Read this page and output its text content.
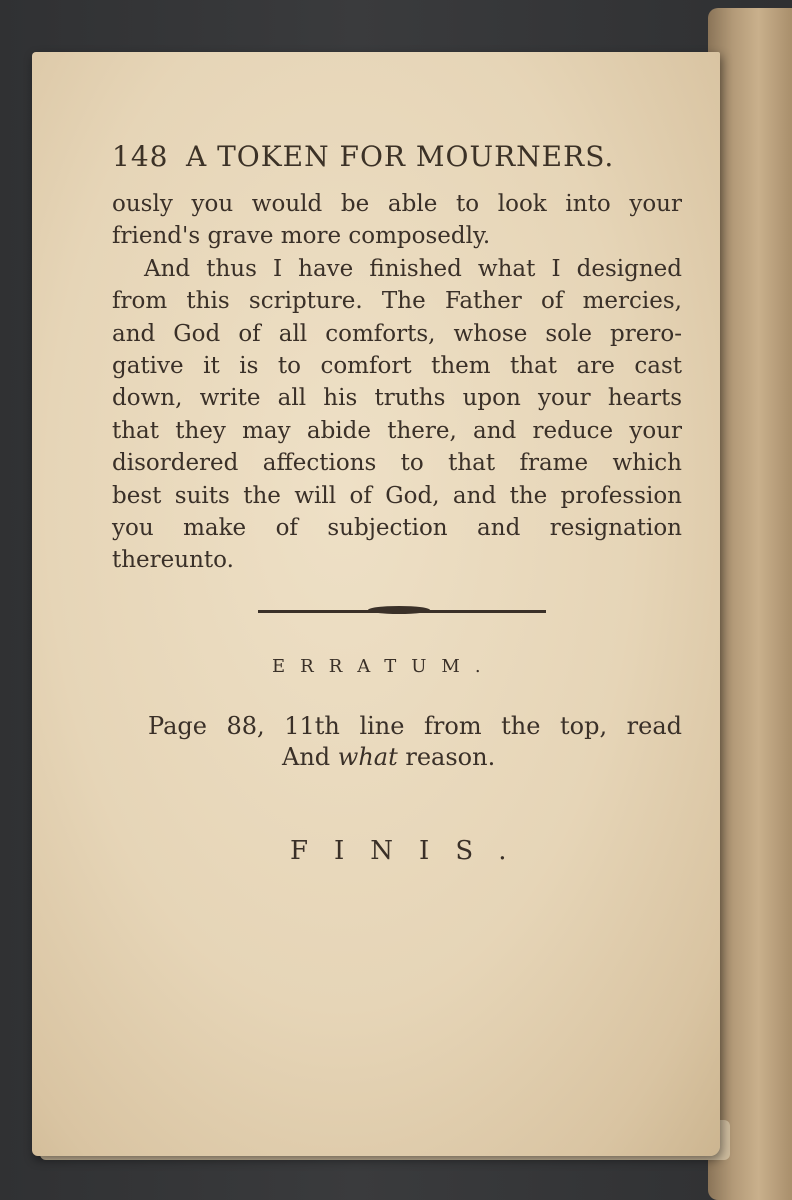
148 A TOKEN FOR MOURNERS.
ously you would be able to look into your
friend's grave more composedly.
And thus I have finished what I designed
from this scripture. The Father of mercies,
and God of all comforts, whose sole prero-
gative it is to comfort them that are cast
down, write all his truths upon your hearts
that they may abide there, and reduce your
disordered affections to that frame which
best suits the will of God, and the profession
you make of subjection and resignation
thereunto.
ERRATUM.
Page 88, 11th line from the top, read
And what reason.
FINIS.
